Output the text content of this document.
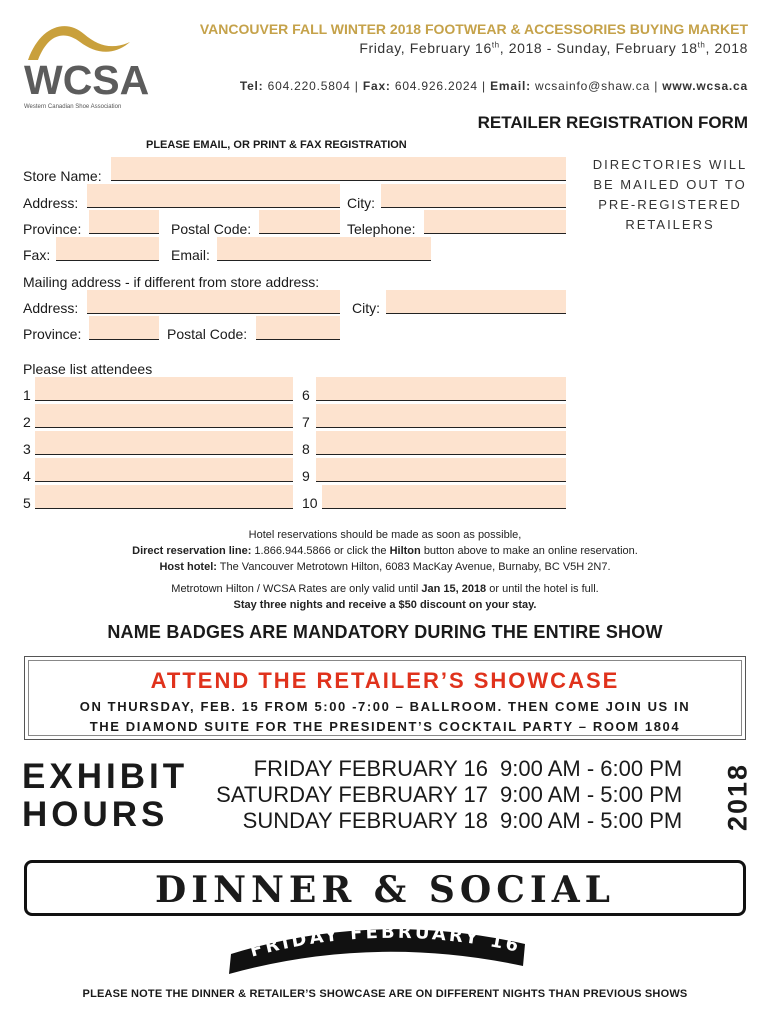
WCSA
Western Canadian Shoe Association
VANCOUVER FALL WINTER 2018 FOOTWEAR & ACCESSORIES BUYING MARKET
Friday, February 16th, 2018 - Sunday, February 18th, 2018
Tel: 604.220.5804 | Fax: 604.926.2024 | Email: wcsainfo@shaw.ca | www.wcsa.ca
RETAILER REGISTRATION FORM
PLEASE EMAIL, OR PRINT & FAX REGISTRATION
Store Name:
Address:	City:
Province:	Postal Code:	Telephone:
Fax:	Email:
DIRECTORIES WILL BE MAILED OUT TO PRE-REGISTERED RETAILERS
Mailing address - if different from store address:
Address:	City:
Province:	Postal Code:
Please list attendees
1
2
3
4
5
6
7
8
9
10
Hotel reservations should be made as soon as possible,
Direct reservation line: 1.866.944.5866 or click the Hilton button above to make an online reservation.
Host hotel: The Vancouver Metrotown Hilton, 6083 MacKay Avenue, Burnaby, BC V5H 2N7.
Metrotown Hilton / WCSA Rates are only valid until Jan 15, 2018 or until the hotel is full.
Stay three nights and receive a $50 discount on your stay.
NAME BADGES ARE MANDATORY DURING THE ENTIRE SHOW
ATTEND THE RETAILER’S SHOWCASE
ON THURSDAY, FEB. 15 FROM 5:00 -7:00 – BALLROOM. THEN COME JOIN US IN
THE DIAMOND SUITE FOR THE PRESIDENT’S COCKTAIL PARTY – ROOM 1804
EXHIBIT
HOURS
FRIDAY FEBRUARY 16 9:00 AM - 6:00 PM
SATURDAY FEBRUARY 17 9:00 AM - 5:00 PM
SUNDAY FEBRUARY 18 9:00 AM - 5:00 PM 2018
DINNER & SOCIAL
FRIDAY FEBRUARY 16
PLEASE NOTE THE DINNER & RETAILER’S SHOWCASE ARE ON DIFFERENT NIGHTS THAN PREVIOUS SHOWS
